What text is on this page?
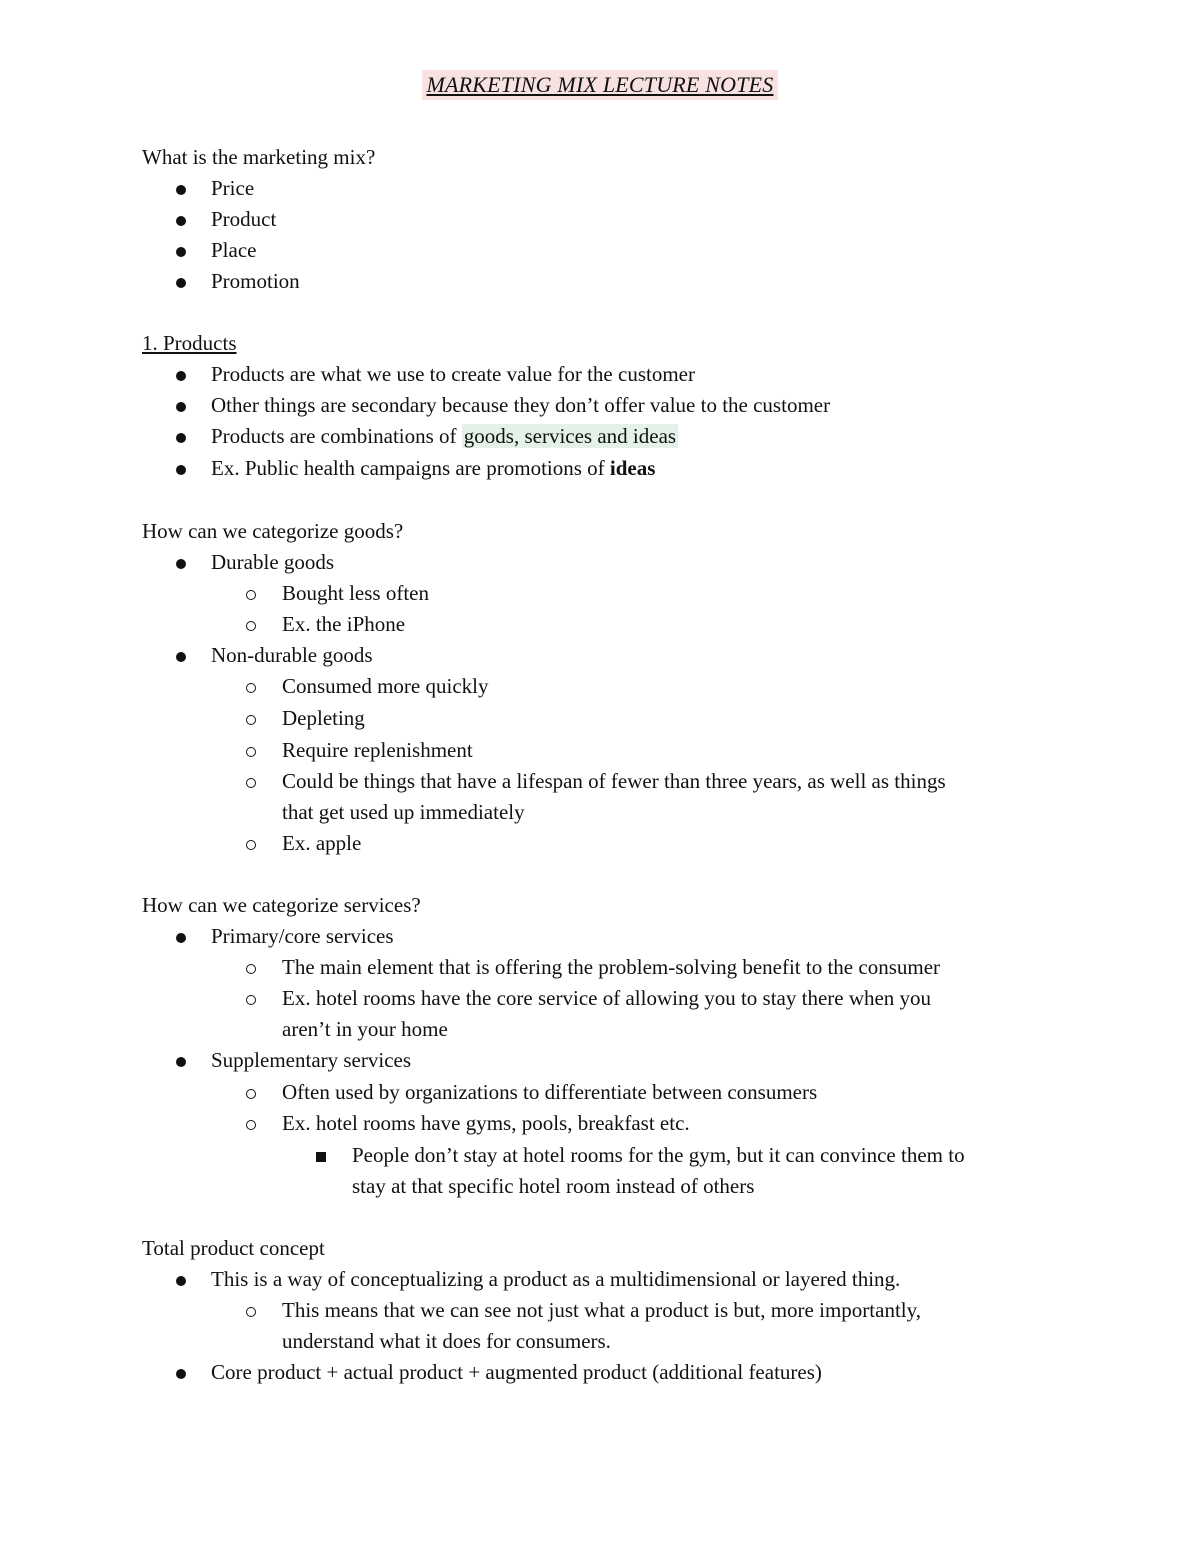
MARKETING MIX LECTURE NOTES
What is the marketing mix?
Price
Product
Place
Promotion
1. Products
Products are what we use to create value for the customer
Other things are secondary because they don’t offer value to the customer
Products are combinations of goods, services and ideas
Ex. Public health campaigns are promotions of ideas
How can we categorize goods?
Durable goods
Bought less often
Ex. the iPhone
Non-durable goods
Consumed more quickly
Depleting
Require replenishment
Could be things that have a lifespan of fewer than three years, as well as things
that get used up immediately
Ex. apple
How can we categorize services?
Primary/core services
The main element that is offering the problem-solving benefit to the consumer
Ex. hotel rooms have the core service of allowing you to stay there when you
aren’t in your home
Supplementary services
Often used by organizations to differentiate between consumers
Ex. hotel rooms have gyms, pools, breakfast etc.
People don’t stay at hotel rooms for the gym, but it can convince them to
stay at that specific hotel room instead of others
Total product concept
This is a way of conceptualizing a product as a multidimensional or layered thing.
This means that we can see not just what a product is but, more importantly,
understand what it does for consumers.
Core product + actual product + augmented product (additional features)
